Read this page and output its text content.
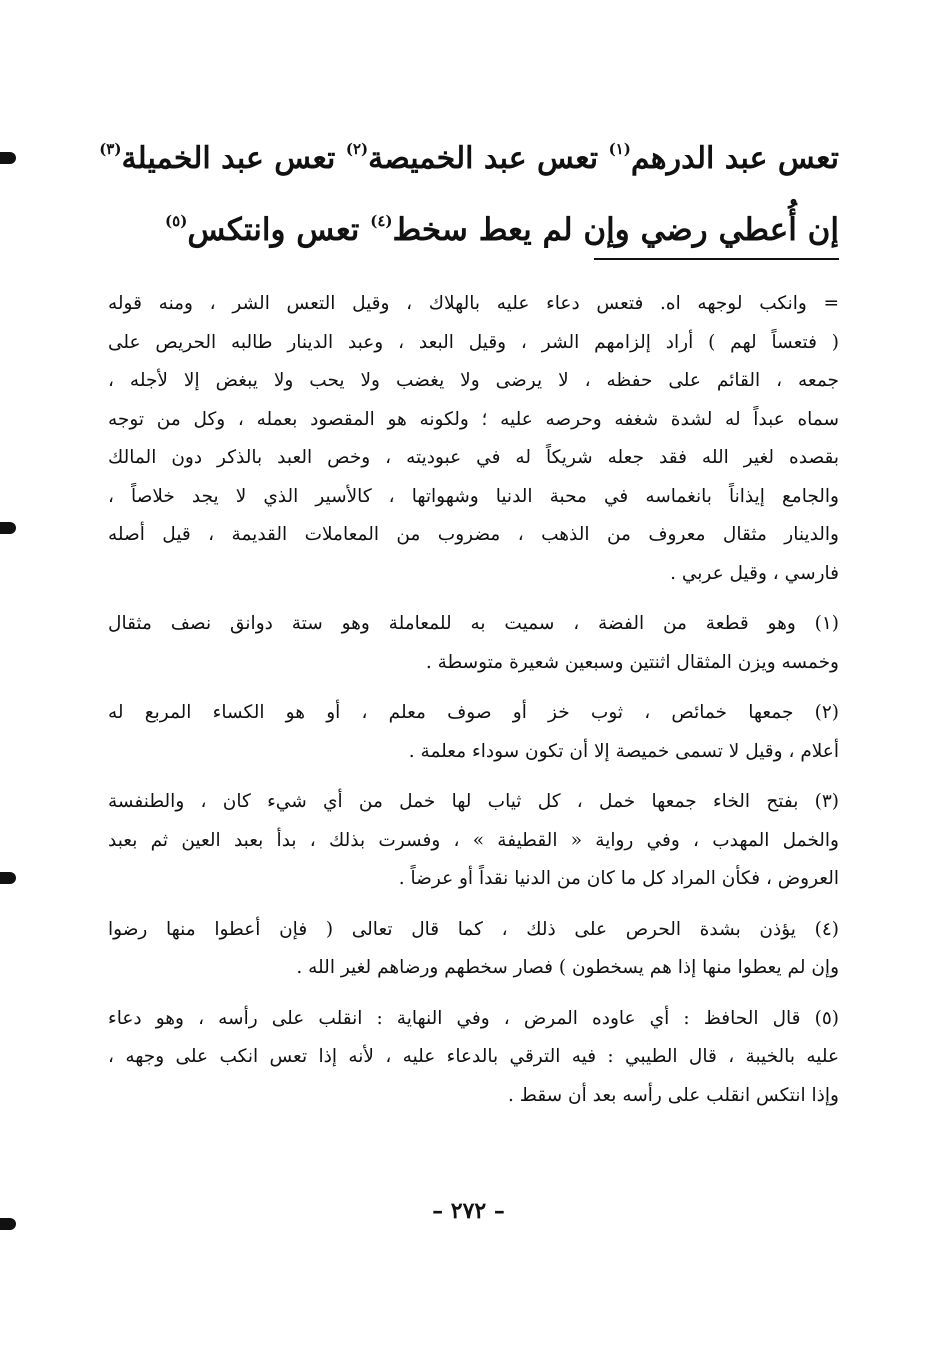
تعس عبد الدرهم$^{(١)}$ تعس عبد الخميصة$^{(٢)}$ تعس عبد الخميلة$^{(٣)}$

إن أُعطي رضي وإن لم يعط سخط$^{(٤)}$ تعس وانتكس$^{(٥)}$

= وانكب لوجهه اه. فتعس دعاء عليه بالهلاك ، وقيل التعس الشر ، ومنه قوله
( فتعساً لهم ) أراد إلزامهم الشر ، وقيل البعد ، وعبد الدينار طالبه الحريص على
جمعه ، القائم على حفظه ، لا يرضى ولا يغضب ولا يحب ولا يبغض إلا لأجله ،
سماه عبداً له لشدة شغفه وحرصه عليه ؛ ولكونه هو المقصود بعمله ، وكل من توجه
بقصده لغير الله فقد جعله شريكاً له في عبوديته ، وخص العبد بالذكر دون المالك
والجامع إيذاناً بانغماسه في محبة الدنيا وشهواتها ، كالأسير الذي لا يجد خلاصاً ،
والدينار مثقال معروف من الذهب ، مضروب من المعاملات القديمة ، قيل أصله
فارسي ، وقيل عربي .
(١) وهو قطعة من الفضة ، سميت به للمعاملة وهو ستة دوانق نصف مثقال
وخمسه ويزن المثقال اثنتين وسبعين شعيرة متوسطة .
(٢) جمعها خمائص ، ثوب خز أو صوف معلم ، أو هو الكساء المربع له
أعلام ، وقيل لا تسمى خميصة إلا أن تكون سوداء معلمة .
(٣) بفتح الخاء جمعها خمل ، كل ثياب لها خمل من أي شيء كان ، والطنفسة
والخمل المهدب ، وفي رواية « القطيفة » ، وفسرت بذلك ، بدأ بعبد العين ثم بعبد
العروض ، فكأن المراد كل ما كان من الدنيا نقداً أو عرضاً .
(٤) يؤذن بشدة الحرص على ذلك ، كما قال تعالى ( فإن أعطوا منها رضوا
وإن لم يعطوا منها إذا هم يسخطون ) فصار سخطهم ورضاهم لغير الله .
(٥) قال الحافظ : أي عاوده المرض ، وفي النهاية : انقلب على رأسه ، وهو دعاء
عليه بالخيبة ، قال الطيبي : فيه الترقي بالدعاء عليه ، لأنه إذا تعس انكب على وجهه ،
وإذا انتكس انقلب على رأسه بعد أن سقط .
– ٢٧٢ –
